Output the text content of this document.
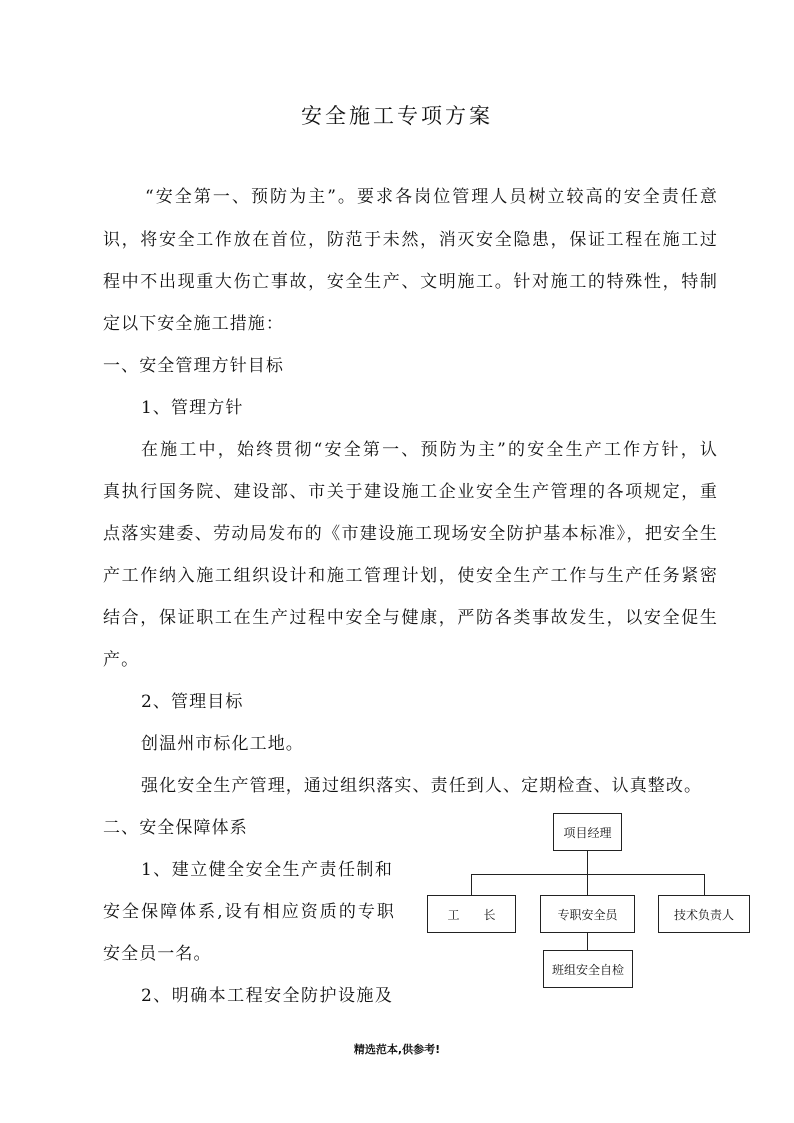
安全施工专项方案
“安全第一、预防为主”。要求各岗位管理人员树立较高的安全责任意
识，将安全工作放在首位，防范于未然，消灭安全隐患，保证工程在施工过
程中不出现重大伤亡事故，安全生产、文明施工。针对施工的特殊性，特制
定以下安全施工措施：
一、安全管理方针目标
1、管理方针
在施工中，始终贯彻“安全第一、预防为主”的安全生产工作方针，认
真执行国务院、建设部、市关于建设施工企业安全生产管理的各项规定，重
点落实建委、劳动局发布的《市建设施工现场安全防护基本标准》，把安全生
产工作纳入施工组织设计和施工管理计划，使安全生产工作与生产任务紧密
结合，保证职工在生产过程中安全与健康，严防各类事故发生，以安全促生
产。
2、管理目标
创温州市标化工地。
强化安全生产管理，通过组织落实、责任到人、定期检查、认真整改。
二、安全保障体系
1、建立健全安全生产责任制和
安全保障体系,设有相应资质的专职
安全员一名。
2、明确本工程安全防护设施及
项目经理
工　　长	专职安全员	技术负责人
班组安全自检
精选范本,供参考!
